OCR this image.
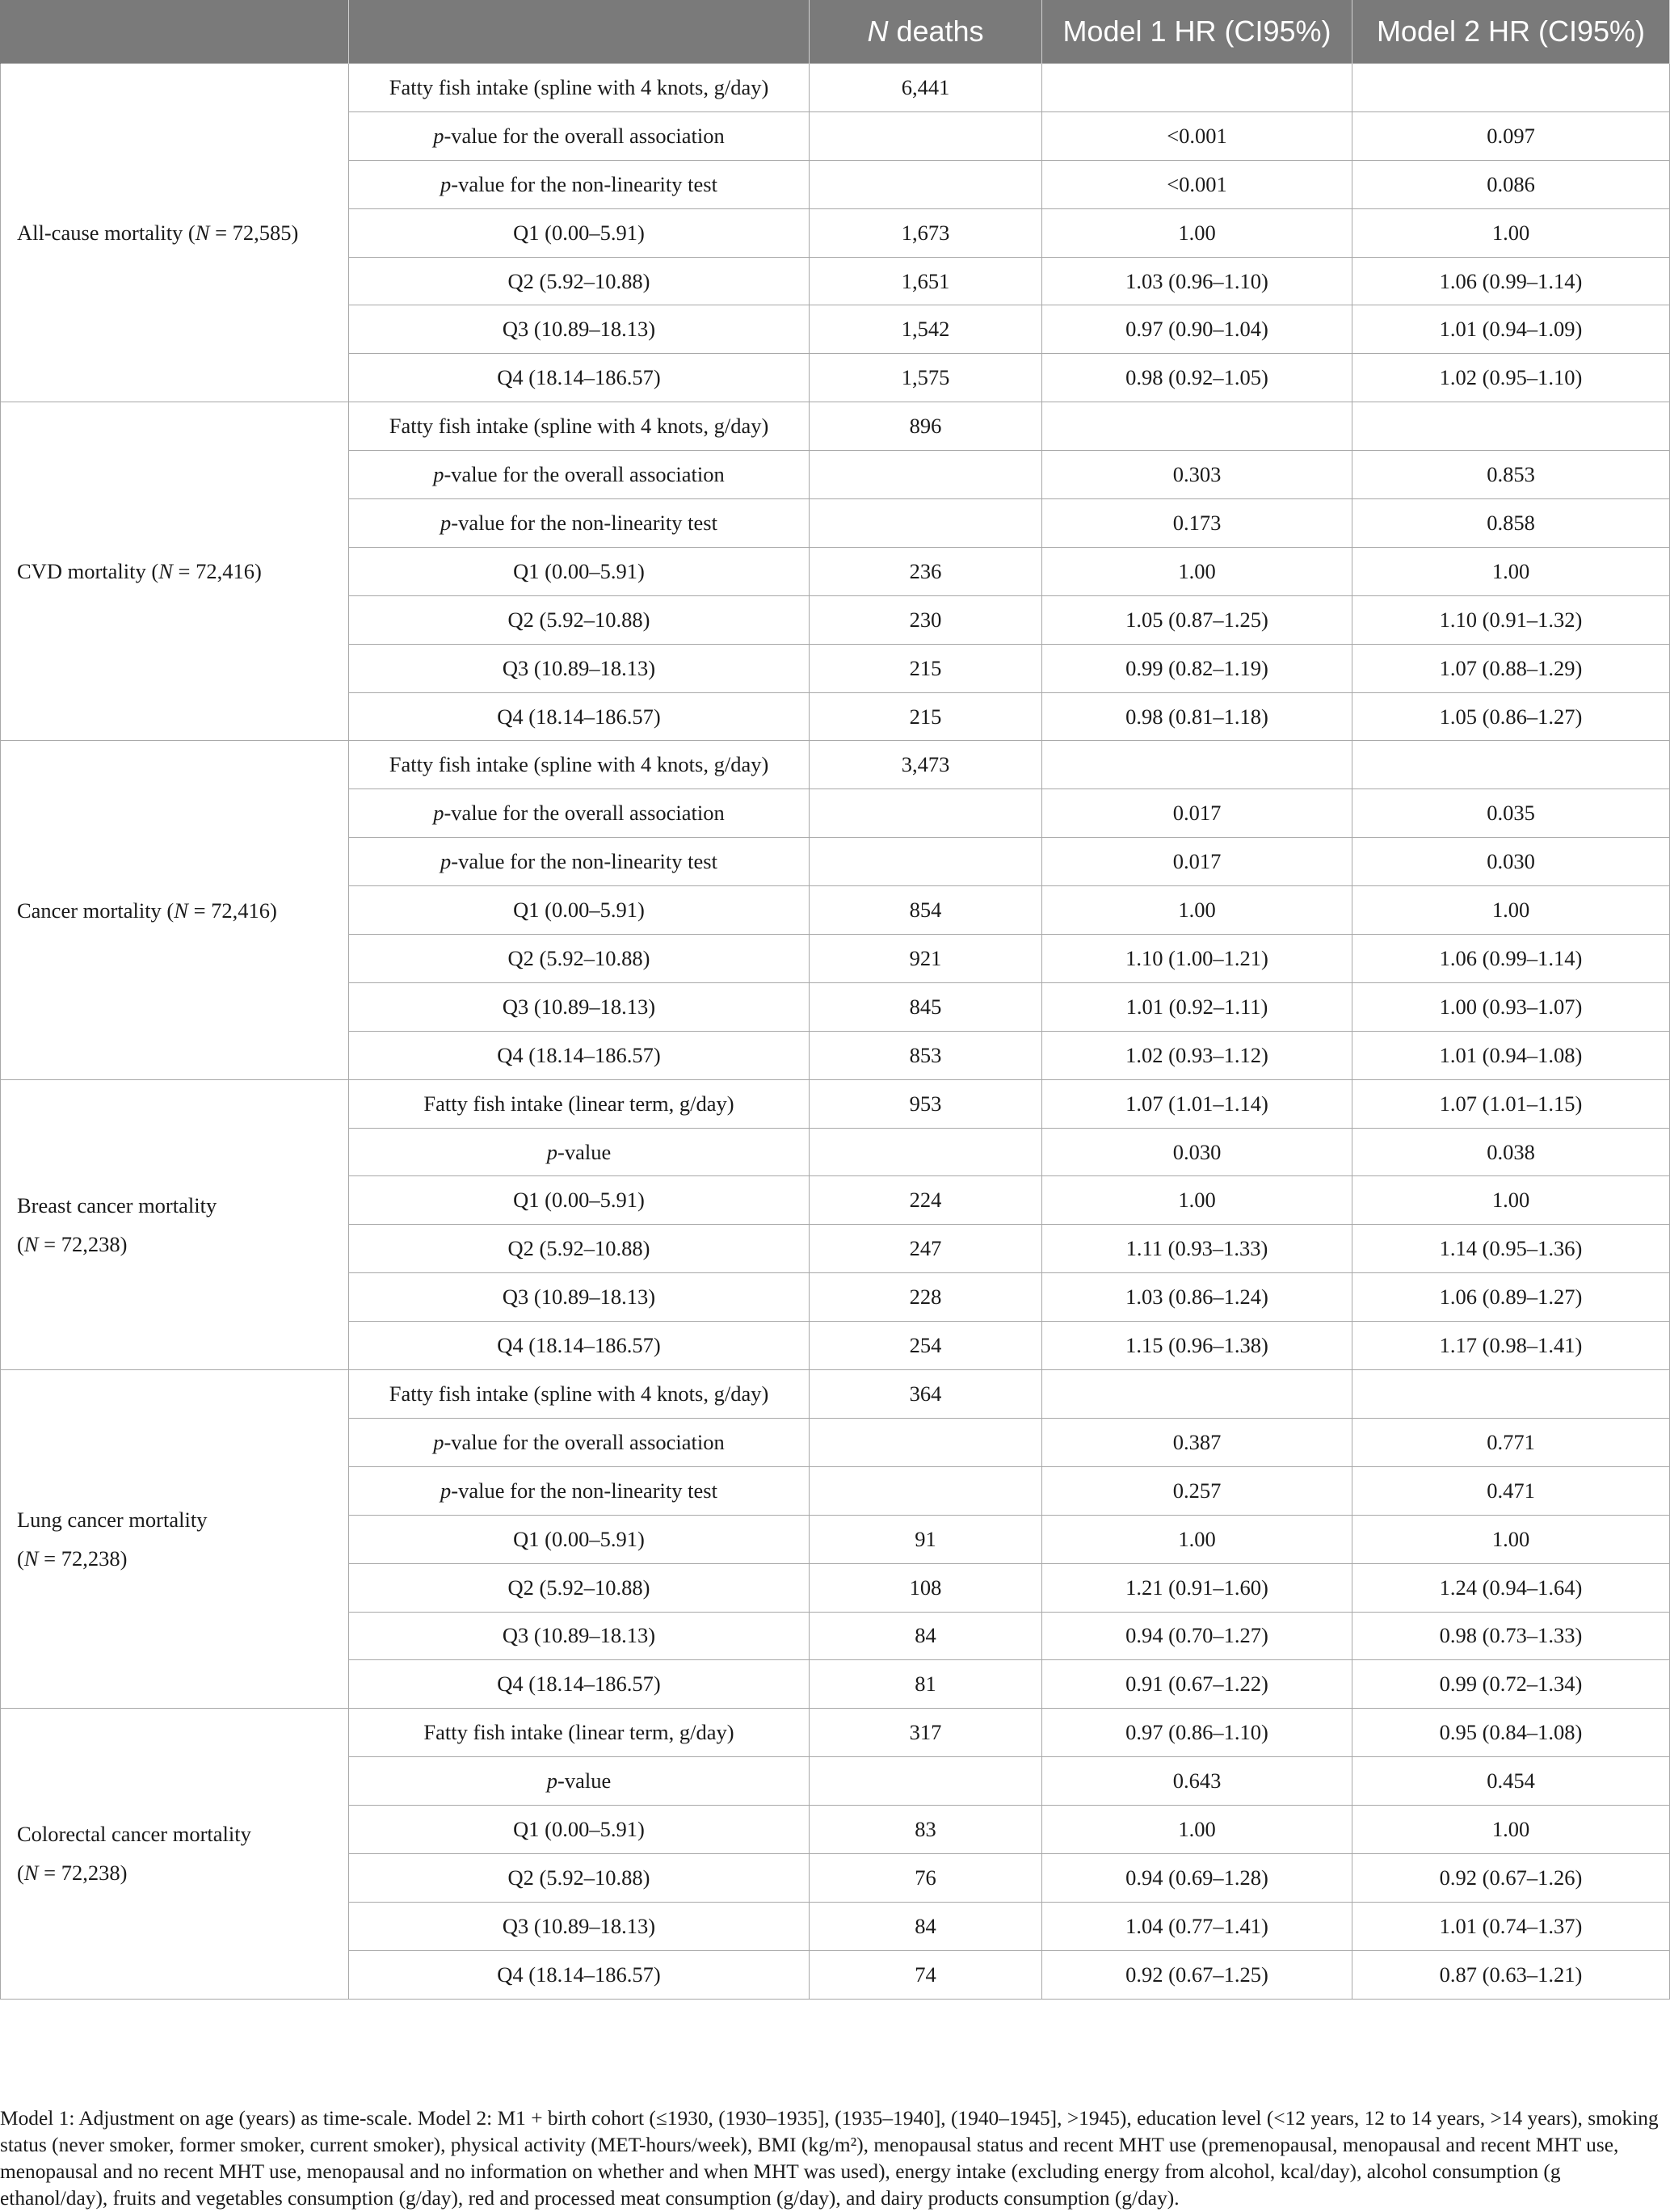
		N deaths	Model 1 HR (CI95%)	Model 2 HR (CI95%)
All-cause mortality (N = 72,585)	Fatty fish intake (spline with 4 knots, g/day)	6,441		
	p-value for the overall association		<0.001	0.097
	p-value for the non-linearity test		<0.001	0.086
	Q1 (0.00–5.91)	1,673	1.00	1.00
	Q2 (5.92–10.88)	1,651	1.03 (0.96–1.10)	1.06 (0.99–1.14)
	Q3 (10.89–18.13)	1,542	0.97 (0.90–1.04)	1.01 (0.94–1.09)
	Q4 (18.14–186.57)	1,575	0.98 (0.92–1.05)	1.02 (0.95–1.10)
CVD mortality (N = 72,416)	Fatty fish intake (spline with 4 knots, g/day)	896		
	p-value for the overall association		0.303	0.853
	p-value for the non-linearity test		0.173	0.858
	Q1 (0.00–5.91)	236	1.00	1.00
	Q2 (5.92–10.88)	230	1.05 (0.87–1.25)	1.10 (0.91–1.32)
	Q3 (10.89–18.13)	215	0.99 (0.82–1.19)	1.07 (0.88–1.29)
	Q4 (18.14–186.57)	215	0.98 (0.81–1.18)	1.05 (0.86–1.27)
Cancer mortality (N = 72,416)	Fatty fish intake (spline with 4 knots, g/day)	3,473		
	p-value for the overall association		0.017	0.035
	p-value for the non-linearity test		0.017	0.030
	Q1 (0.00–5.91)	854	1.00	1.00
	Q2 (5.92–10.88)	921	1.10 (1.00–1.21)	1.06 (0.99–1.14)
	Q3 (10.89–18.13)	845	1.01 (0.92–1.11)	1.00 (0.93–1.07)
	Q4 (18.14–186.57)	853	1.02 (0.93–1.12)	1.01 (0.94–1.08)
Breast cancer mortality
(N = 72,238)	Fatty fish intake (linear term, g/day)	953	1.07 (1.01–1.14)	1.07 (1.01–1.15)
	p-value		0.030	0.038
	Q1 (0.00–5.91)	224	1.00	1.00
	Q2 (5.92–10.88)	247	1.11 (0.93–1.33)	1.14 (0.95–1.36)
	Q3 (10.89–18.13)	228	1.03 (0.86–1.24)	1.06 (0.89–1.27)
	Q4 (18.14–186.57)	254	1.15 (0.96–1.38)	1.17 (0.98–1.41)
Lung cancer mortality
(N = 72,238)	Fatty fish intake (spline with 4 knots, g/day)	364		
	p-value for the overall association		0.387	0.771
	p-value for the non-linearity test		0.257	0.471
	Q1 (0.00–5.91)	91	1.00	1.00
	Q2 (5.92–10.88)	108	1.21 (0.91–1.60)	1.24 (0.94–1.64)
	Q3 (10.89–18.13)	84	0.94 (0.70–1.27)	0.98 (0.73–1.33)
	Q4 (18.14–186.57)	81	0.91 (0.67–1.22)	0.99 (0.72–1.34)
Colorectal cancer mortality
(N = 72,238)	Fatty fish intake (linear term, g/day)	317	0.97 (0.86–1.10)	0.95 (0.84–1.08)
	p-value		0.643	0.454
	Q1 (0.00–5.91)	83	1.00	1.00
	Q2 (5.92–10.88)	76	0.94 (0.69–1.28)	0.92 (0.67–1.26)
	Q3 (10.89–18.13)	84	1.04 (0.77–1.41)	1.01 (0.74–1.37)
	Q4 (18.14–186.57)	74	0.92 (0.67–1.25)	0.87 (0.63–1.21)
Model 1: Adjustment on age (years) as time-scale. Model 2: M1 + birth cohort (≤1930, (1930–1935], (1935–1940], (1940–1945], >1945), education level (<12 years, 12 to 14 years, >14 years), smoking status (never smoker, former smoker, current smoker), physical activity (MET-hours/week), BMI (kg/m²), menopausal status and recent MHT use (premenopausal, menopausal and recent MHT use, menopausal and no recent MHT use, menopausal and no information on whether and when MHT was used), energy intake (excluding energy from alcohol, kcal/day), alcohol consumption (g ethanol/day), fruits and vegetables consumption (g/day), red and processed meat consumption (g/day), and dairy products consumption (g/day).
